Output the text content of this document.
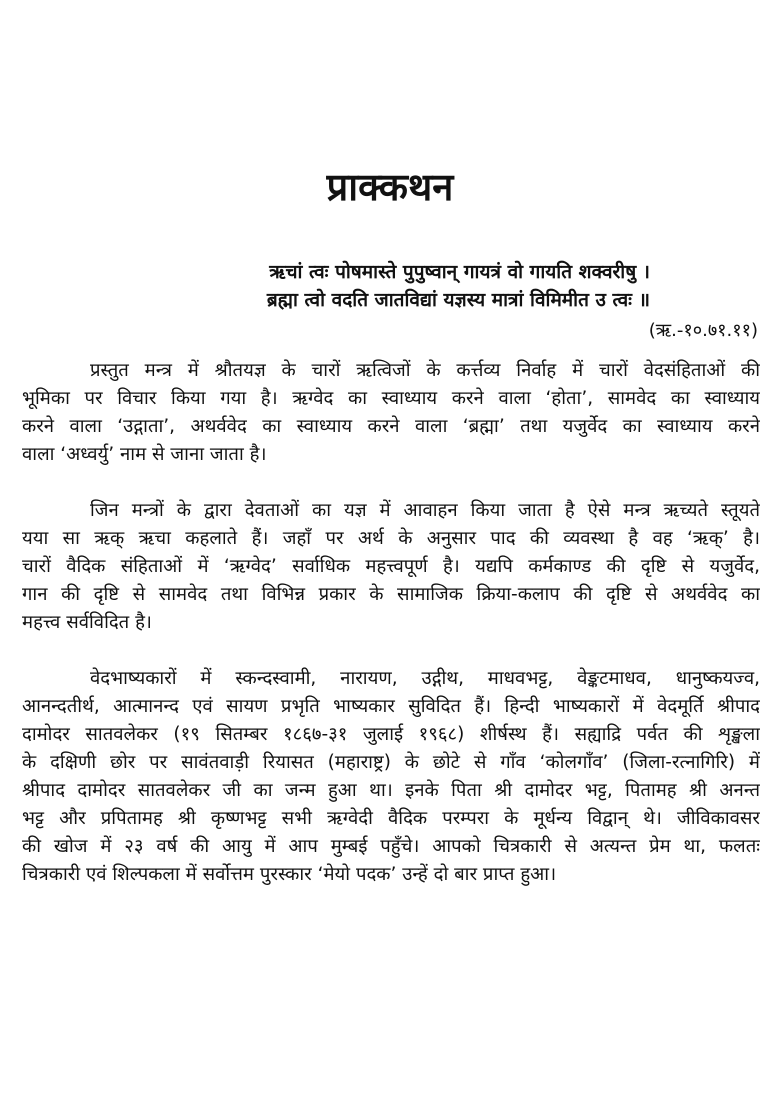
प्राक्कथन
ऋचां त्वः पोषमास्ते पुपुष्वान् गायत्रं वो गायति शक्वरीषु ।
ब्रह्मा त्वो वदति जातविद्यां यज्ञस्य मात्रां विमिमीत उ त्वः ॥
(ऋ.-१०.७१.११)
प्रस्तुत मन्त्र में श्रौतयज्ञ के चारों ऋत्विजों के कर्त्तव्य निर्वाह में चारों वेदसंहिताओं की
भूमिका पर विचार किया गया है। ऋग्वेद का स्वाध्याय करने वाला ‘होता’, सामवेद का स्वाध्याय
करने वाला ‘उद्गाता’, अथर्ववेद का स्वाध्याय करने वाला ‘ब्रह्मा’ तथा यजुर्वेद का स्वाध्याय करने
वाला ‘अध्वर्यु’ नाम से जाना जाता है।
जिन मन्त्रों के द्वारा देवताओं का यज्ञ में आवाहन किया जाता है ऐसे मन्त्र ऋच्यते स्तूयते
यया सा ऋक् ऋचा कहलाते हैं। जहाँ पर अर्थ के अनुसार पाद की व्यवस्था है वह ‘ऋक्’ है।
चारों वैदिक संहिताओं में ‘ऋग्वेद’ सर्वाधिक महत्त्वपूर्ण है। यद्यपि कर्मकाण्ड की दृष्टि से यजुर्वेद,
गान की दृष्टि से सामवेद तथा विभिन्न प्रकार के सामाजिक क्रिया-कलाप की दृष्टि से अथर्ववेद का
महत्त्व सर्वविदित है।
वेदभाष्यकारों में स्कन्दस्वामी, नारायण, उद्गीथ, माधवभट्ट, वेङ्कटमाधव, धानुष्कयज्व,
आनन्दतीर्थ, आत्मानन्द एवं सायण प्रभृति भाष्यकार सुविदित हैं। हिन्दी भाष्यकारों में वेदमूर्ति श्रीपाद
दामोदर सातवलेकर (१९ सितम्बर १८६७-३१ जुलाई १९६८) शीर्षस्थ हैं। सह्याद्रि पर्वत की शृङ्खला
के दक्षिणी छोर पर सावंतवाड़ी रियासत (महाराष्ट्र) के छोटे से गाँव ‘कोलगाँव’ (जिला-रत्नागिरि) में
श्रीपाद दामोदर सातवलेकर जी का जन्म हुआ था। इनके पिता श्री दामोदर भट्ट, पितामह श्री अनन्त
भट्ट और प्रपितामह श्री कृष्णभट्ट सभी ऋग्वेदी वैदिक परम्परा के मूर्धन्य विद्वान् थे। जीविकावसर
की खोज में २३ वर्ष की आयु में आप मुम्बई पहुँचे। आपको चित्रकारी से अत्यन्त प्रेम था, फलतः
चित्रकारी एवं शिल्पकला में सर्वोत्तम पुरस्कार ‘मेयो पदक’ उन्हें दो बार प्राप्त हुआ।
